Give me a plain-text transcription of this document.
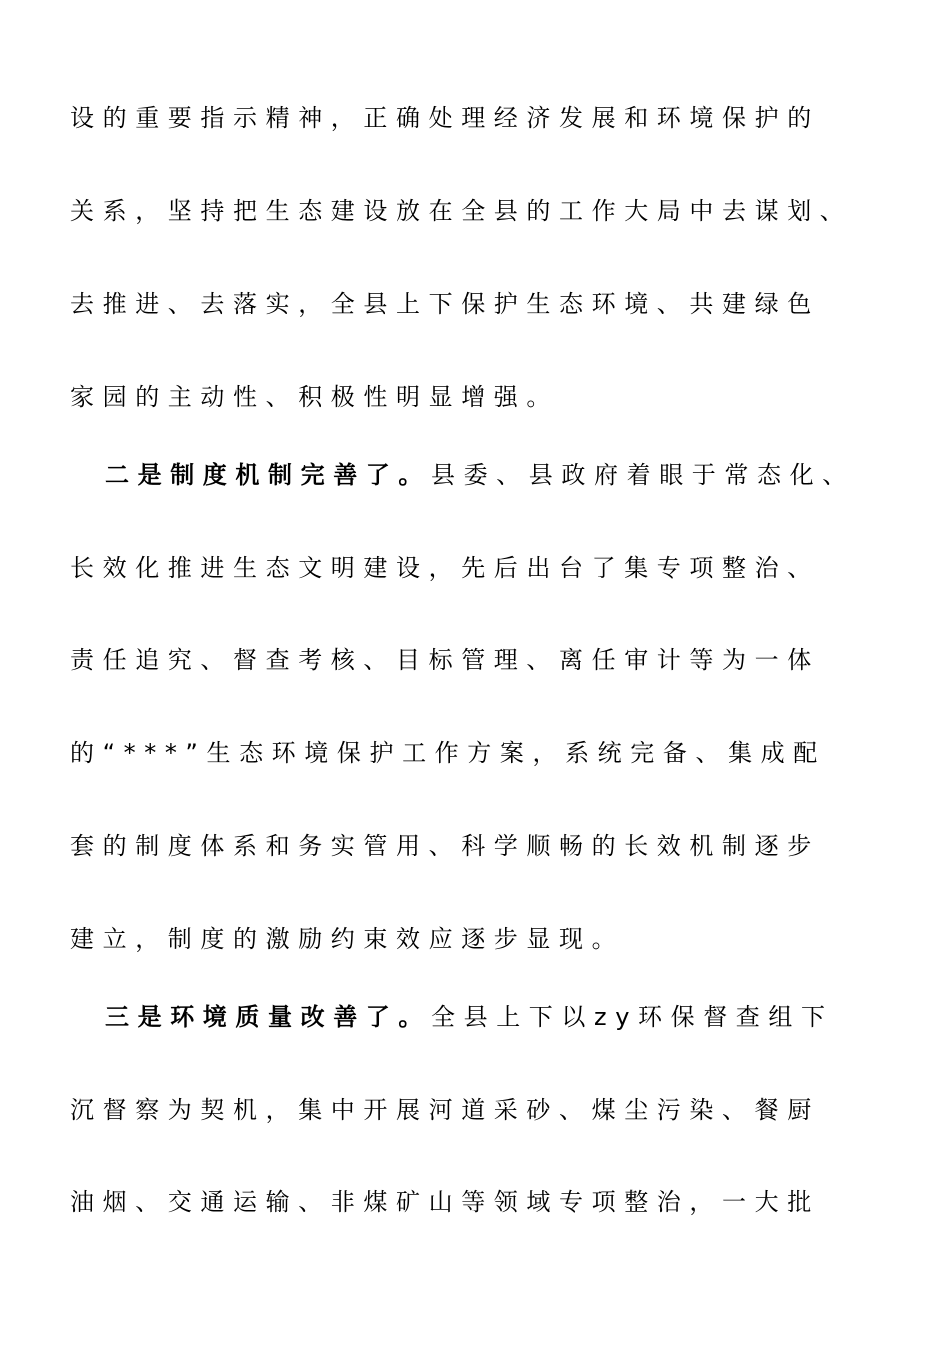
设的重要指示精神，正确处理经济发展和环境保护的
关系，坚持把生态建设放在全县的工作大局中去谋划、
去推进、去落实，全县上下保护生态环境、共建绿色
家园的主动性、积极性明显增强。
二是制度机制完善了。县委、县政府着眼于常态化、
长效化推进生态文明建设，先后出台了集专项整治、
责任追究、督查考核、目标管理、离任审计等为一体
的“***”生态环境保护工作方案，系统完备、集成配
套的制度体系和务实管用、科学顺畅的长效机制逐步
建立，制度的激励约束效应逐步显现。
三是环境质量改善了。全县上下以zy环保督查组下
沉督察为契机，集中开展河道采砂、煤尘污染、餐厨
油烟、交通运输、非煤矿山等领域专项整治，一大批
